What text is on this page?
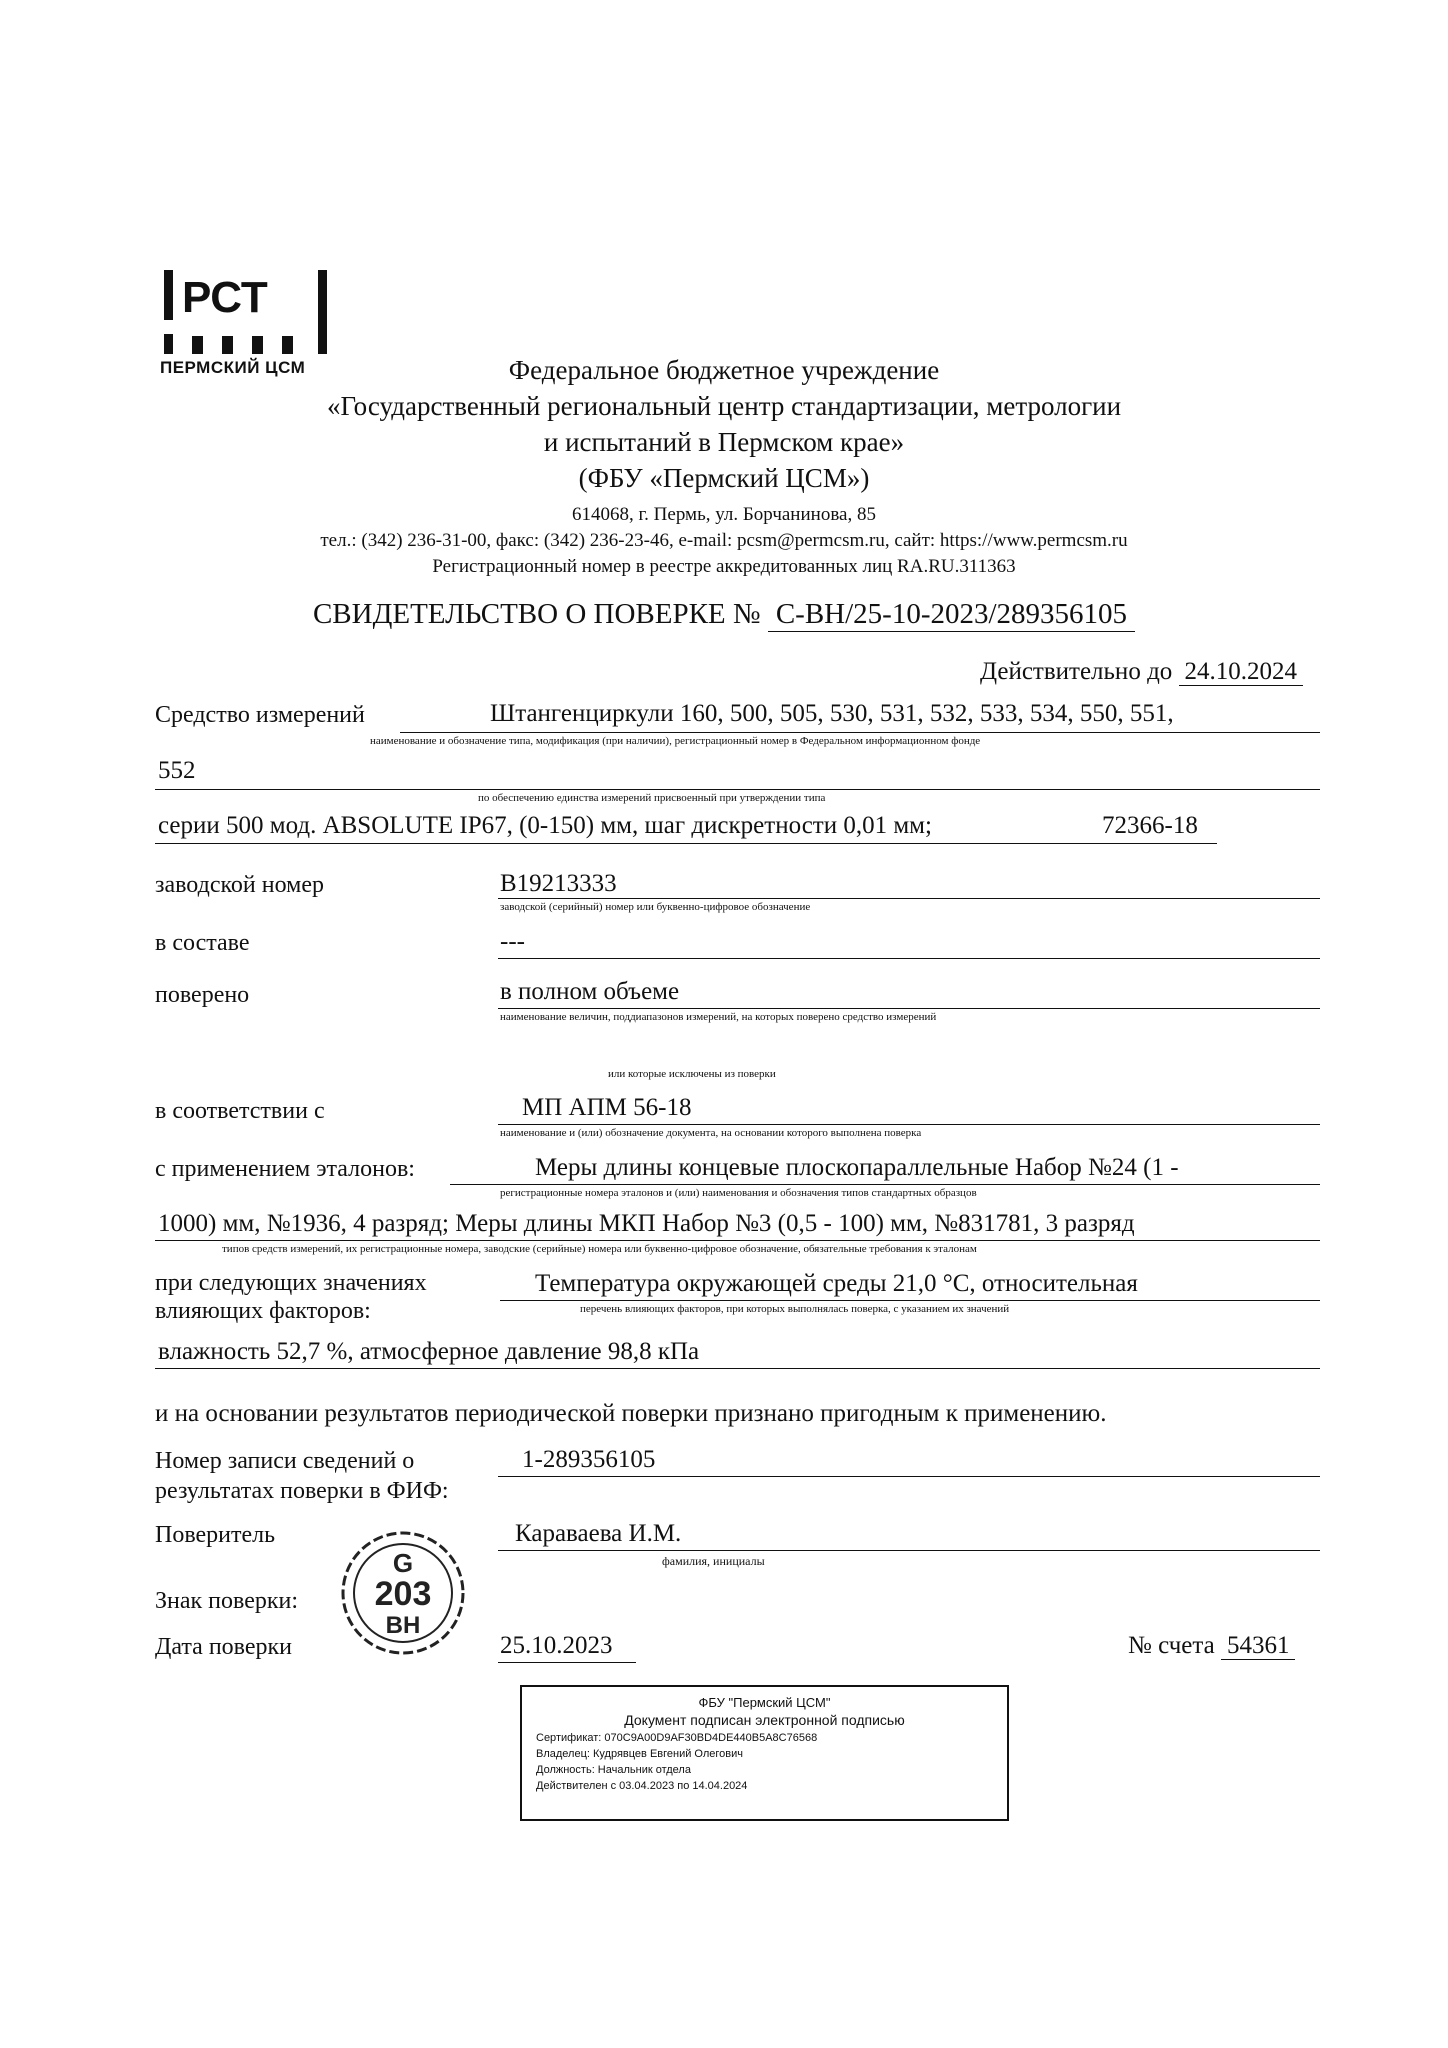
РСТ
ПЕРМСКИЙ ЦСМ	Федеральное бюджетное учреждение
«Государственный региональный центр стандартизации, метрологии
и испытаний в Пермском крае»
(ФБУ «Пермский ЦСМ»)
614068, г. Пермь, ул. Борчанинова, 85
тел.: (342) 236-31-00, факс: (342) 236-23-46, e-mail: pcsm@permcsm.ru, сайт: https://www.permcsm.ru
Регистрационный номер в реестре аккредитованных лиц RA.RU.311363
СВИДЕТЕЛЬСТВО О ПОВЕРКЕ № С-ВН/25-10-2023/289356105
Действительно до 24.10.2024
Средство измерений	Штангенциркули 160, 500, 505, 530, 531, 532, 533, 534, 550, 551,
наименование и обозначение типа, модификация (при наличии), регистрационный номер в Федеральном информационном фонде
552
по обеспечению единства измерений присвоенный при утверждении типа
серии 500 мод. ABSOLUTE IP67, (0-150) мм, шаг дискретности 0,01 мм;	72366-18
заводской номер	B19213333
заводской (серийный) номер или буквенно-цифровое обозначение
в составе	---
поверено	в полном объеме
наименование величин, поддиапазонов измерений, на которых поверено средство измерений
или которые исключены из поверки
в соответствии с	МП АПМ 56-18
наименование и (или) обозначение документа, на основании которого выполнена поверка
с применением эталонов:	Меры длины концевые плоскопараллельные Набор №24 (1 -
регистрационные номера эталонов и (или) наименования и обозначения типов стандартных образцов
1000) мм, №1936, 4 разряд; Меры длины МКП Набор №3 (0,5 - 100) мм, №831781, 3 разряд
типов средств измерений, их регистрационные номера, заводские (серийные) номера или буквенно-цифровое обозначение, обязательные требования к эталонам
при следующих значениях
влияющих факторов:
Температура окружающей среды 21,0 °С, относительная
перечень влияющих факторов, при которых выполнялась поверка, с указанием их значений
влажность 52,7 %, атмосферное давление 98,8 кПа
и на основании результатов периодической поверки признано пригодным к применению.
Номер записи сведений о
результатах поверки в ФИФ:
1-289356105
Поверитель	Караваева И.М.
фамилия, инициалы
G
203
ВН
Знак поверки:
Дата поверки	25.10.2023	№ счета 54361
ФБУ "Пермский ЦСМ"
Документ подписан электронной подписью
Сертификат: 070C9A00D9AF30BD4DE440B5A8C76568
Владелец: Кудрявцев Евгений Олегович
Должность: Начальник отдела
Действителен с 03.04.2023 по 14.04.2024
